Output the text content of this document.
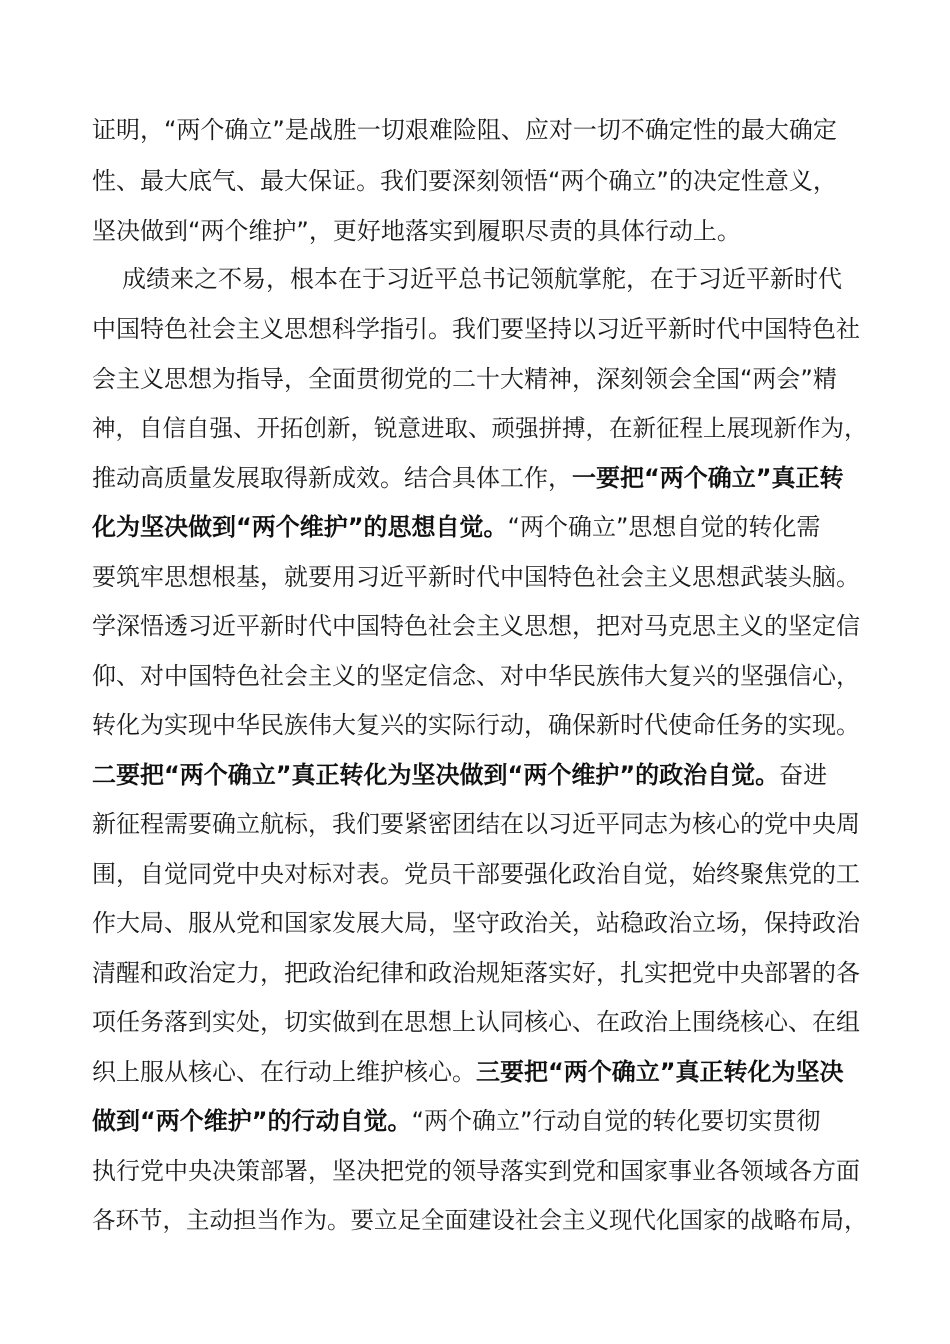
证明，“两个确立”是战胜一切艰难险阻、应对一切不确定性的最大确定
性、最大底气、最大保证。我们要深刻领悟“两个确立”的决定性意义，
坚决做到“两个维护”，更好地落实到履职尽责的具体行动上。
成绩来之不易，根本在于习近平总书记领航掌舵，在于习近平新时代
中国特色社会主义思想科学指引。我们要坚持以习近平新时代中国特色社
会主义思想为指导，全面贯彻党的二十大精神，深刻领会全国“两会”精
神，自信自强、开拓创新，锐意进取、顽强拼搏，在新征程上展现新作为，
推动高质量发展取得新成效。结合具体工作，一要把“两个确立”真正转
化为坚决做到“两个维护”的思想自觉。“两个确立”思想自觉的转化需
要筑牢思想根基，就要用习近平新时代中国特色社会主义思想武装头脑。
学深悟透习近平新时代中国特色社会主义思想，把对马克思主义的坚定信
仰、对中国特色社会主义的坚定信念、对中华民族伟大复兴的坚强信心，
转化为实现中华民族伟大复兴的实际行动，确保新时代使命任务的实现。
二要把“两个确立”真正转化为坚决做到“两个维护”的政治自觉。奋进
新征程需要确立航标，我们要紧密团结在以习近平同志为核心的党中央周
围，自觉同党中央对标对表。党员干部要强化政治自觉，始终聚焦党的工
作大局、服从党和国家发展大局，坚守政治关，站稳政治立场，保持政治
清醒和政治定力，把政治纪律和政治规矩落实好，扎实把党中央部署的各
项任务落到实处，切实做到在思想上认同核心、在政治上围绕核心、在组
织上服从核心、在行动上维护核心。三要把“两个确立”真正转化为坚决
做到“两个维护”的行动自觉。“两个确立”行动自觉的转化要切实贯彻
执行党中央决策部署，坚决把党的领导落实到党和国家事业各领域各方面
各环节，主动担当作为。要立足全面建设社会主义现代化国家的战略布局，
